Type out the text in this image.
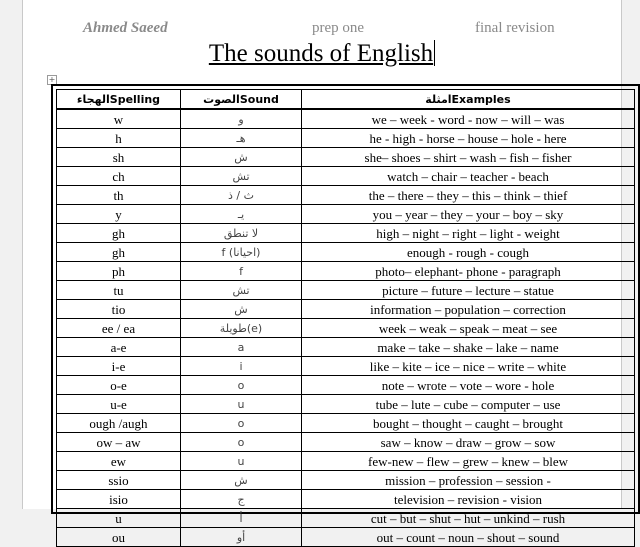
Ahmed Saeed	prep one	final revision
The sounds of English
+
الهجاءSpelling	الصوتSound	امثلةExamples
w	و	we – week - word - now – will – was
h	هـ	he - high - horse – house – hole - here
sh	ش	she– shoes – shirt – wash – fish – fisher
ch	تش	watch – chair – teacher - beach
th	ث / ذ	the – there – they – this – think – thief
y	يـ	you – year – they – your – boy – sky
gh	لا تنطق	high – night – right – light - weight
gh	f (احيانا)	enough - rough - cough
ph	f	photo– elephant- phone - paragraph
tu	تش	picture – future – lecture – statue
tio	ش	information – population – correction
ee / ea	طويلة(e)	week – weak – speak – meat – see
a-e	a	make – take – shake – lake – name
i-e	i	like – kite – ice – nice – write – white
o-e	o	note – wrote – vote – wore - hole
u-e	u	tube – lute – cube – computer – use
ough /augh	o	bought – thought – caught – brought
ow – aw	o	saw – know – draw – grow – sow
ew	u	few-new – flew – grew – knew – blew
ssio	ش	mission – profession – session -
isio	ج	television – revision - vision
u	أ	cut – but – shut – hut – unkind – rush
ou	أو	out – count – noun – shout – sound
